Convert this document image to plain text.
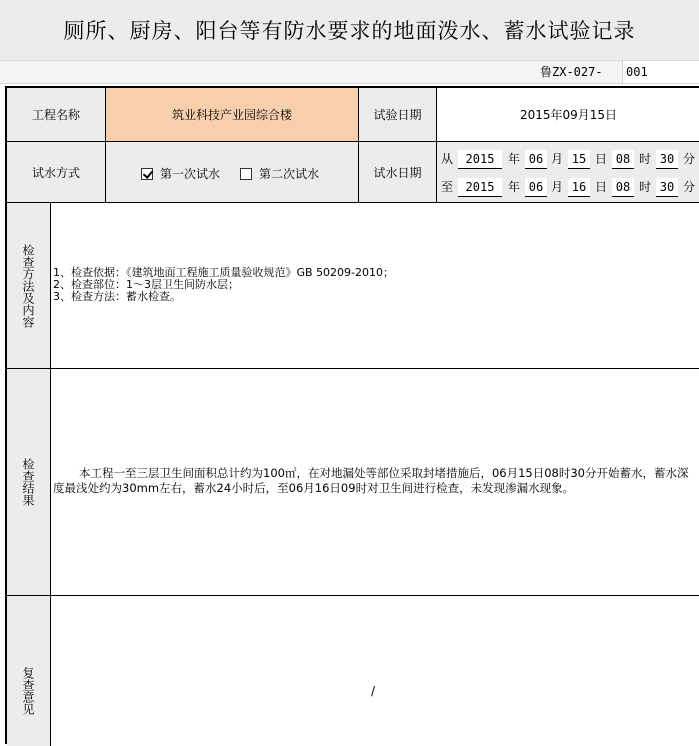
厕所、厨房、阳台等有防水要求的地面泼水、蓄水试验记录
鲁ZX-027-	001
工程名称	筑业科技产业园综合楼	试验日期	2015年09月15日
试水方式	第一次试水	第二次试水	试水日期
从	2015	年 06 月 15 日 08 时 30 分
至	2015	年 06 月 16 日 08 时 30 分
检查方法及内容 1、检查依据：《建筑地面工程施工质量验收规范》GB 50209-2010；
2、检查部位：1～3层卫生间防水层；
3、检查方法：蓄水检查。
检查结果	本工程一至三层卫生间面积总计约为100㎡，在对地漏处等部位采取封堵措施后，06月15日08时30分开始蓄水，蓄水深度最浅处约为30mm左右，蓄水24小时后，至06月16日09时对卫生间进行检查，未发现渗漏水现象。
复查意见	/
